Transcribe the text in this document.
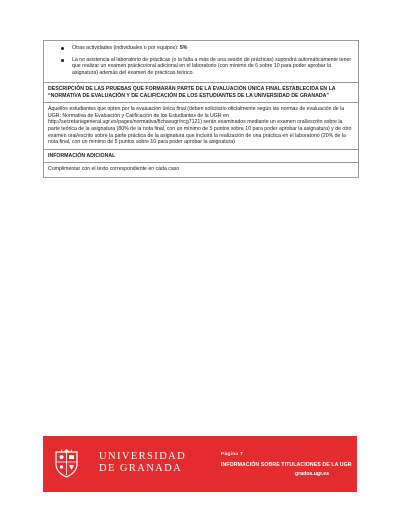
Otras actividades (individuales o por equipos): 5%
La no asistencia al laboratorio de prácticas (o la falta a más de una sesión de prácticas) supondrá automáticamente tener que realizar un examen práctico/oral adicional en el laboratorio (con mínimo de 6 sobre 10 para poder aprobar la asignatura) además del examen de prácticas teórico.
DESCRIPCIÓN DE LAS PRUEBAS QUE FORMARÁN PARTE DE LA EVALUACIÓN ÚNICA FINAL ESTABLECIDA EN LA “NORMATIVA DE EVALUACIÓN Y DE CALIFICACIÓN DE LOS ESTUDIANTES DE LA UNIVERSIDAD DE GRANADA”
Aquellos estudiantes que opten por la evaluación única final (deben solicitarlo oficialmente según las normas de evaluación de la UGR: Normativa de Evaluación y Calificación de los Estudiantes de la UGR en http://secretariageneral.ugr.es/pages/normativa/fichasugr/ncg7121) serán examinados mediante un examen oral/escrito sobre la parte teórica de la asignatura (80% de la nota final, con un mínimo de 5 puntos sobre 10 para poder aprobar la asignatura) y de otro examen oral/escrito sobre la parte práctica de la asignatura que incluirá la realización de una práctica en el laboratorio (20% de la nota final, con un mínimo de 5 puntos sobre 10 para poder aprobar la asignatura)
INFORMACIÓN ADICIONAL
Cumplimentar con el texto correspondiente en cada caso
UNIVERSIDAD
DE GRANADA
Página 7
INFORMACIÓN SOBRE TITULACIONES DE LA UGR
grados.ugr.es
